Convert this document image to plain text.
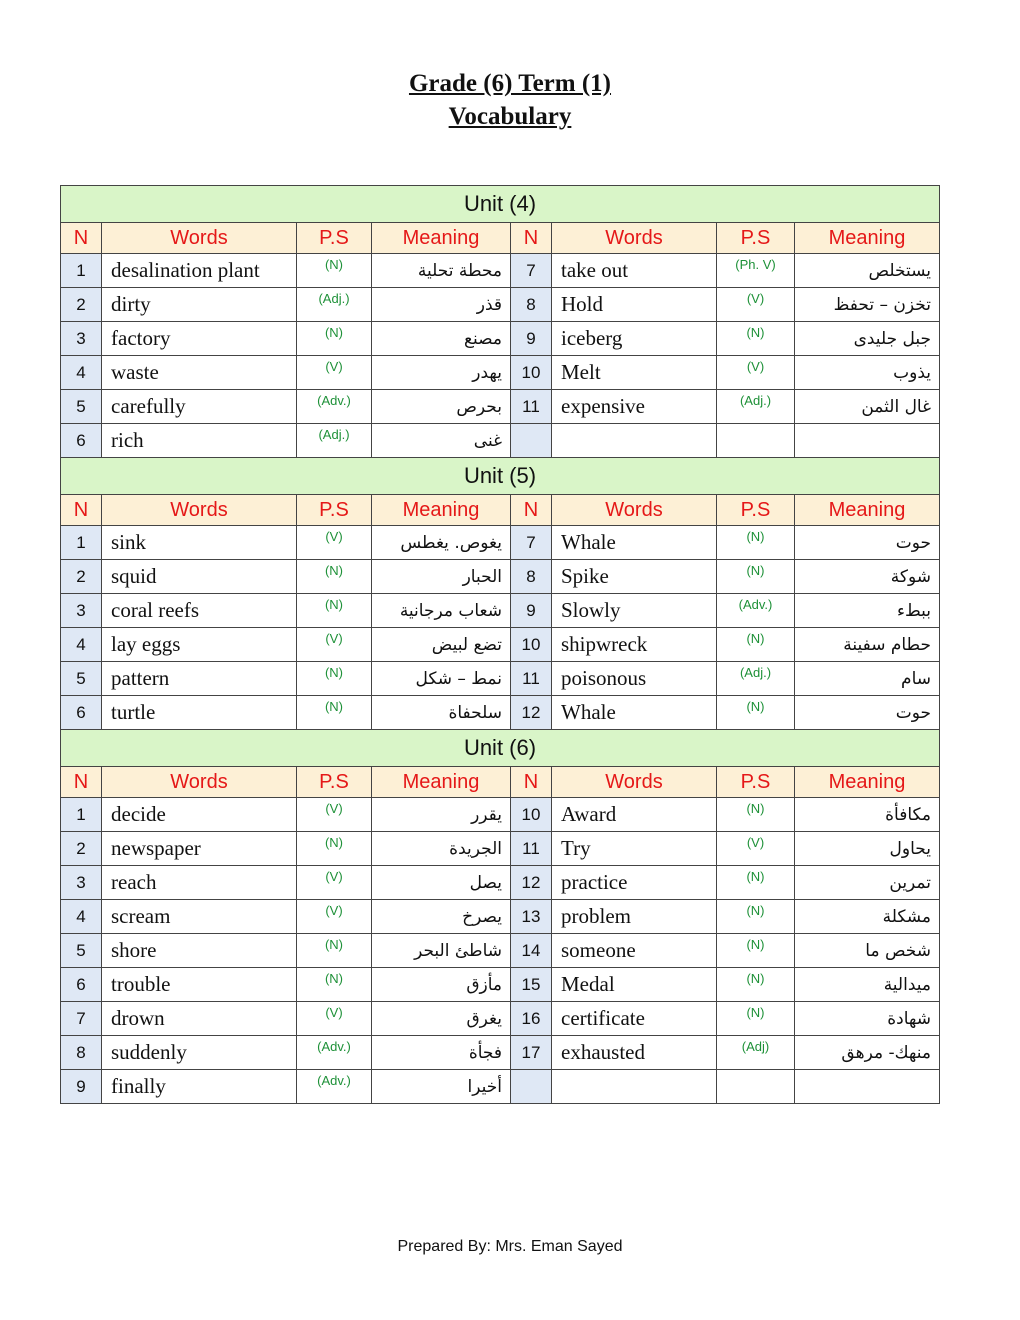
Grade (6) Term (1)
Vocabulary
Unit (4)							
N	Words	P.S	Meaning	N	Words	P.S	Meaning
1	desalination plant	(N)	محطة تحلية	7	take out	(Ph. V)	يستخلص
2	dirty	(Adj.)	قذر	8	Hold	(V)	تخزن – تحفظ
3	factory	(N)	مصنع	9	iceberg	(N)	جبل جليدى
4	waste	(V)	يهدر	10	Melt	(V)	يذوب
5	carefully	(Adv.)	بحرص	11	expensive	(Adj.)	غال الثمن
6	rich	(Adj.)	غنى				
Unit (5)							
N	Words	P.S	Meaning	N	Words	P.S	Meaning
1	sink	(V)	يغوص. يغطس	7	Whale	(N)	حوت
2	squid	(N)	الحبار	8	Spike	(N)	شوكة
3	coral reefs	(N)	شعاب مرجانية	9	Slowly	(Adv.)	ببطء
4	lay eggs	(V)	تضع لبيض	10	shipwreck	(N)	حطام سفينة
5	pattern	(N)	نمط – شكل	11	poisonous	(Adj.)	سام
6	turtle	(N)	سلحفاة	12	Whale	(N)	حوت
Unit (6)							
N	Words	P.S	Meaning	N	Words	P.S	Meaning
1	decide	(V)	يقرر	10	Award	(N)	مكافأة
2	newspaper	(N)	الجريدة	11	Try	(V)	يحاول
3	reach	(V)	يصل	12	practice	(N)	تمرين
4	scream	(V)	يصرخ	13	problem	(N)	مشكلة
5	shore	(N)	شاطئ البحر	14	someone	(N)	شخص ما
6	trouble	(N)	مأزق	15	Medal	(N)	ميدالية
7	drown	(V)	يغرق	16	certificate	(N)	شهادة
8	suddenly	(Adv.)	فجأة	17	exhausted	(Adj)	منهك- مرهق
9	finally	(Adv.)	أخيرا				
Prepared By: Mrs. Eman Sayed
